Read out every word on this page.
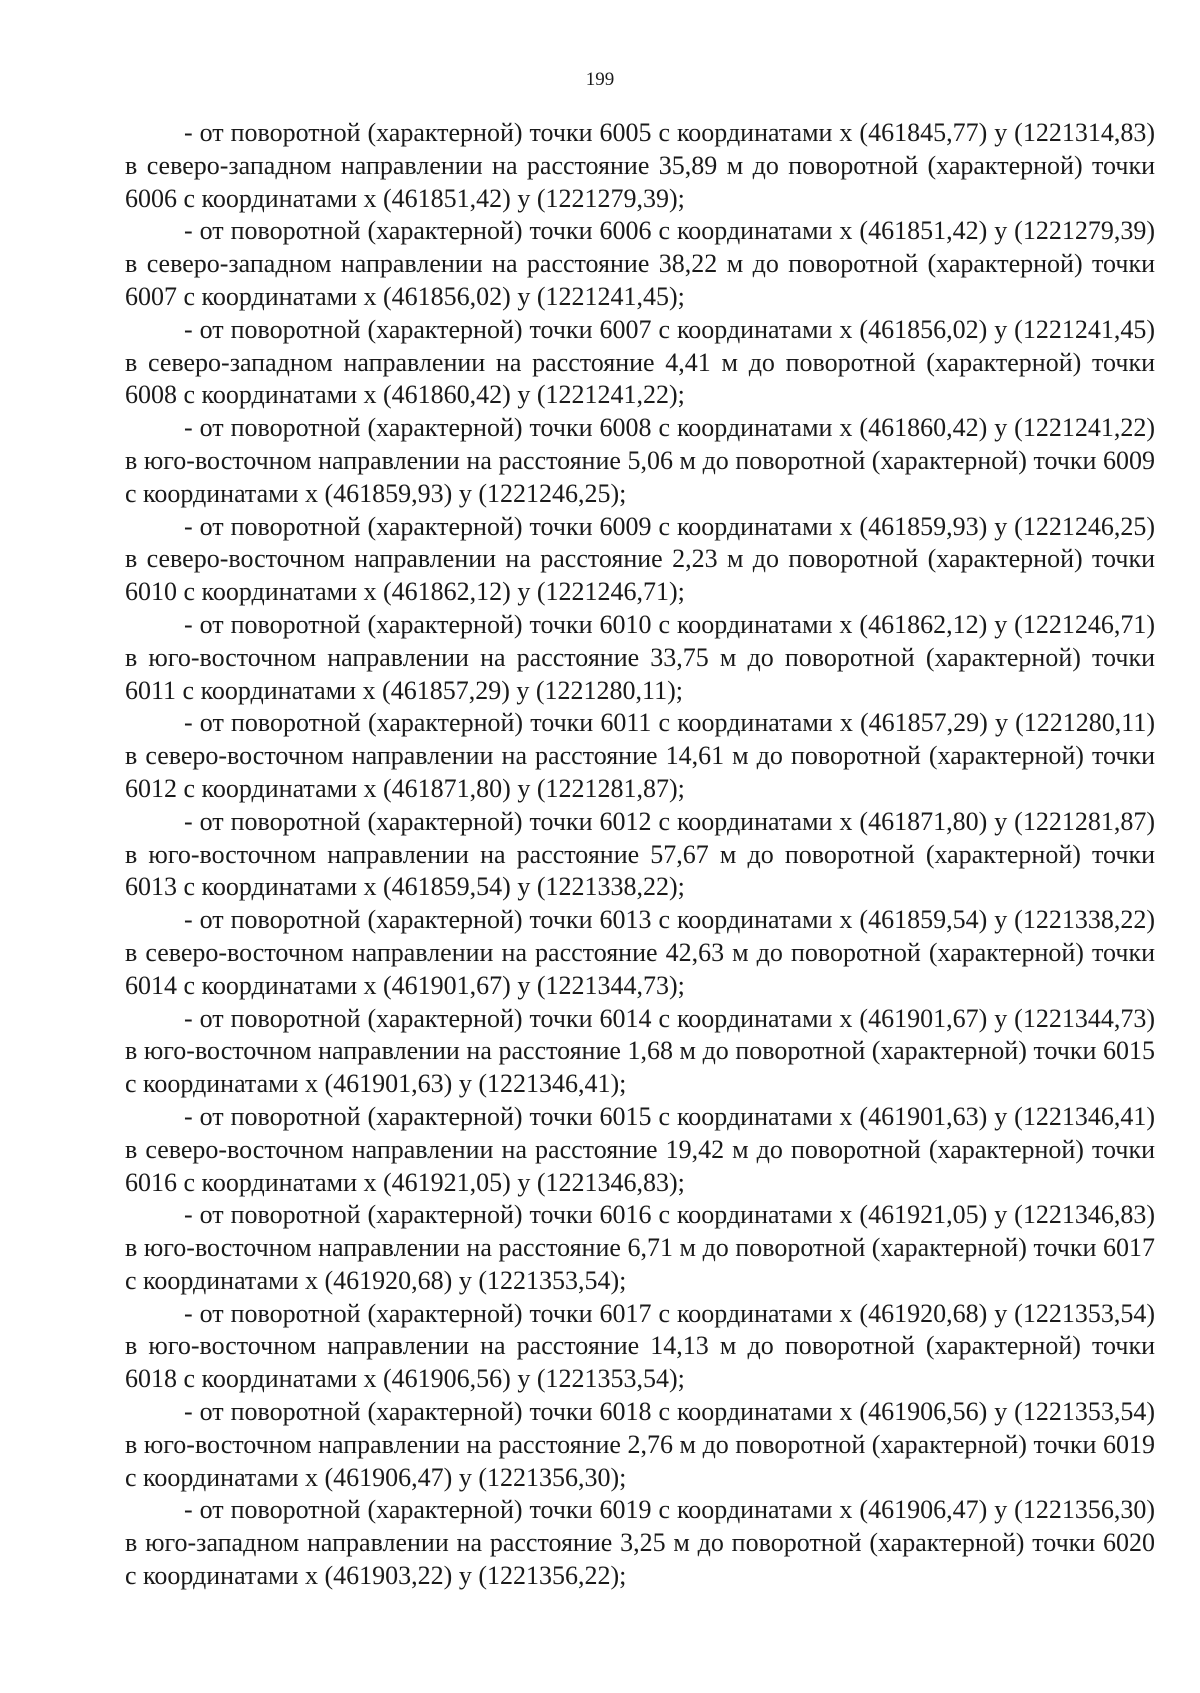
199

- от поворотной (характерной) точки 6005 с координатами х (461845,77) у (1221314,83) в северо-западном направлении на расстояние 35,89 м до поворотной (характерной) точки 6006 с координатами х (461851,42) у (1221279,39);

- от поворотной (характерной) точки 6006 с координатами х (461851,42) у (1221279,39) в северо-западном направлении на расстояние 38,22 м до поворотной (характерной) точки 6007 с координатами х (461856,02) у (1221241,45);

- от поворотной (характерной) точки 6007 с координатами х (461856,02) у (1221241,45) в северо-западном направлении на расстояние 4,41 м до поворотной (характерной) точки 6008 с координатами х (461860,42) у (1221241,22);

- от поворотной (характерной) точки 6008 с координатами х (461860,42) у (1221241,22) в юго-восточном направлении на расстояние 5,06 м до поворотной (характерной) точки 6009 с координатами х (461859,93) у (1221246,25);

- от поворотной (характерной) точки 6009 с координатами х (461859,93) у (1221246,25) в северо-восточном направлении на расстояние 2,23 м до поворотной (характерной) точки 6010 с координатами х (461862,12) у (1221246,71);

- от поворотной (характерной) точки 6010 с координатами х (461862,12) у (1221246,71) в юго-восточном направлении на расстояние 33,75 м до поворотной (характерной) точки 6011 с координатами х (461857,29) у (1221280,11);

- от поворотной (характерной) точки 6011 с координатами х (461857,29) у (1221280,11) в северо-восточном направлении на расстояние 14,61 м до поворотной (характерной) точки 6012 с координатами х (461871,80) у (1221281,87);

- от поворотной (характерной) точки 6012 с координатами х (461871,80) у (1221281,87) в юго-восточном направлении на расстояние 57,67 м до поворотной (характерной) точки 6013 с координатами х (461859,54) у (1221338,22);

- от поворотной (характерной) точки 6013 с координатами х (461859,54) у (1221338,22) в северо-восточном направлении на расстояние 42,63 м до поворотной (характерной) точки 6014 с координатами х (461901,67) у (1221344,73);

- от поворотной (характерной) точки 6014 с координатами х (461901,67) у (1221344,73) в юго-восточном направлении на расстояние 1,68 м до поворотной (характерной) точки 6015 с координатами х (461901,63) у (1221346,41);

- от поворотной (характерной) точки 6015 с координатами х (461901,63) у (1221346,41) в северо-восточном направлении на расстояние 19,42 м до поворотной (характерной) точки 6016 с координатами х (461921,05) у (1221346,83);

- от поворотной (характерной) точки 6016 с координатами х (461921,05) у (1221346,83) в юго-восточном направлении на расстояние 6,71 м до поворотной (характерной) точки 6017 с координатами х (461920,68) у (1221353,54);

- от поворотной (характерной) точки 6017 с координатами х (461920,68) у (1221353,54) в юго-восточном направлении на расстояние 14,13 м до поворотной (характерной) точки 6018 с координатами х (461906,56) у (1221353,54);

- от поворотной (характерной) точки 6018 с координатами х (461906,56) у (1221353,54) в юго-восточном направлении на расстояние 2,76 м до поворотной (характерной) точки 6019 с координатами х (461906,47) у (1221356,30);

- от поворотной (характерной) точки 6019 с координатами х (461906,47) у (1221356,30) в юго-западном направлении на расстояние 3,25 м до поворотной (характерной) точки 6020 с координатами х (461903,22) у (1221356,22);
